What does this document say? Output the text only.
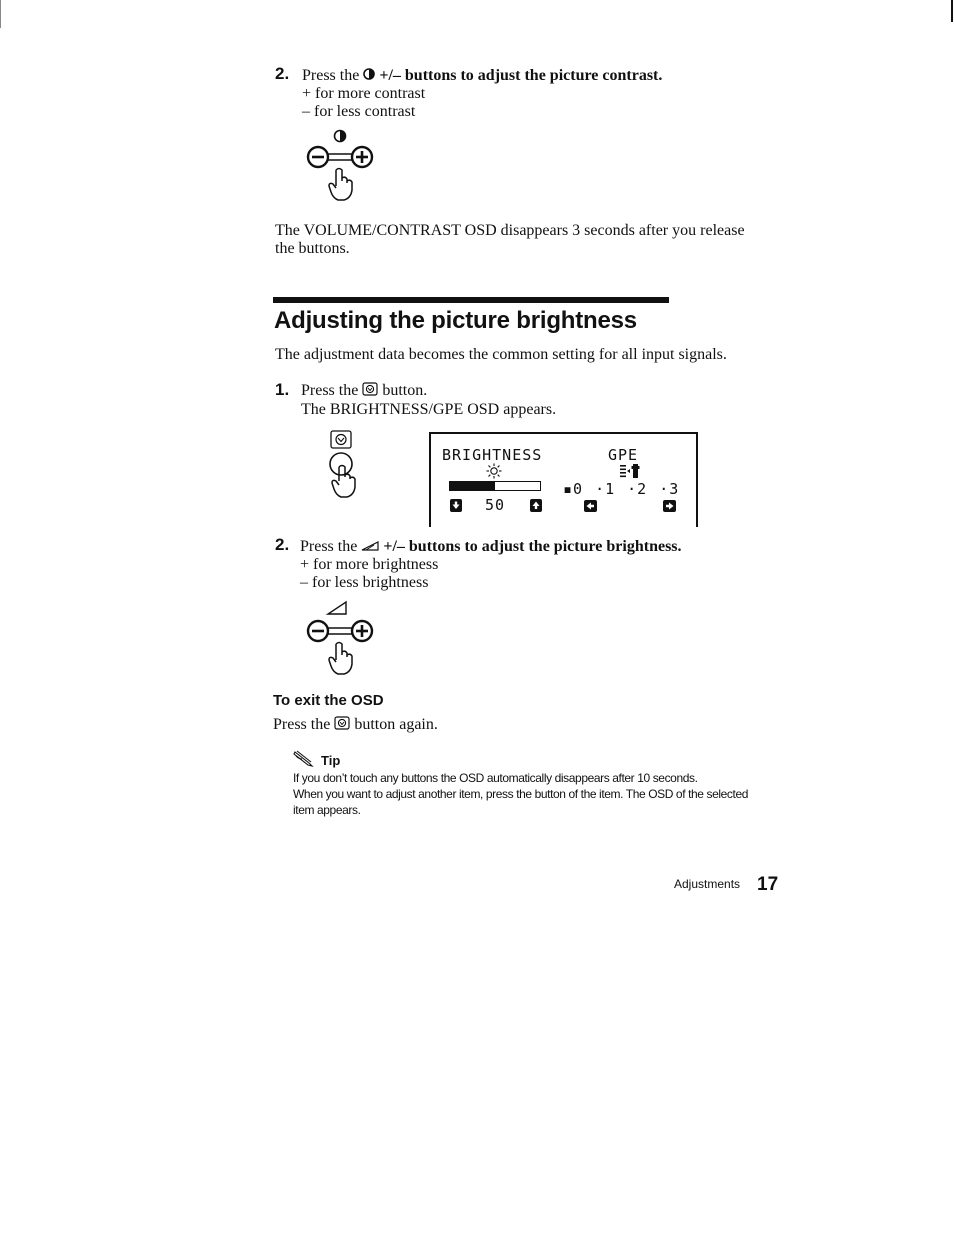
2. Press the +/– buttons to adjust the picture contrast.
+ for more contrast
– for less contrast
The VOLUME/CONTRAST OSD disappears 3 seconds after you release
the buttons.
Adjusting the picture brightness
The adjustment data becomes the common setting for all input signals.
1. Press the button.
The BRIGHTNESS/GPE OSD appears.
BRIGHTNESS	GPE
▪0 ·1 ·2 ·3
50
2. Press the +/– buttons to adjust the picture brightness.
+ for more brightness
– for less brightness
To exit the OSD
Press the button again.
Tip
If you don’t touch any buttons the OSD automatically disappears after 10 seconds.
When you want to adjust another item, press the button of the item. The OSD of the selected
item appears.
Adjustments 17
